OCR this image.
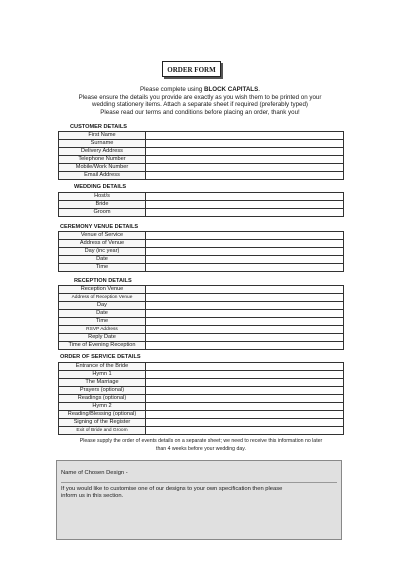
ORDER FORM
Please complete using BLOCK CAPITALS.
Please ensure the details you provide are exactly as you wish them to be printed on your
wedding stationery items. Attach a separate sheet if required (preferably typed)
Please read our terms and conditions before placing an order, thank you!
CUSTOMER DETAILS
First Name	
Surname	
Delivery Address	
Telephone Number	
Mobile/Work Number	
Email Address	
WEDDING DETAILS
Host/s	
Bride	
Groom	
CEREMONY VENUE DETAILS
Venue of Service	
Address of Venue	
Day (inc year)	
Date	
Time	
RECEPTION DETAILS
Reception Venue	
Address of Reception Venue	
Day	
Date	
Time	
RSVP Address	
Reply Date	
Time of Evening Reception	
ORDER OF SERVICE DETAILS
Entrance of the Bride	
Hymn 1	
The Marriage	
Prayers (optional)	
Readings (optional)	
Hymn 2	
Reading/Blessing (optional)	
Signing of the Register	
Exit of Bride and Groom	
Please supply the order of events details on a separate sheet; we need to receive this information no later
than 4 weeks before your wedding day.
Name of Chosen Design -
If you would like to customise one of our designs to your own specification then please
inform us in this section.
